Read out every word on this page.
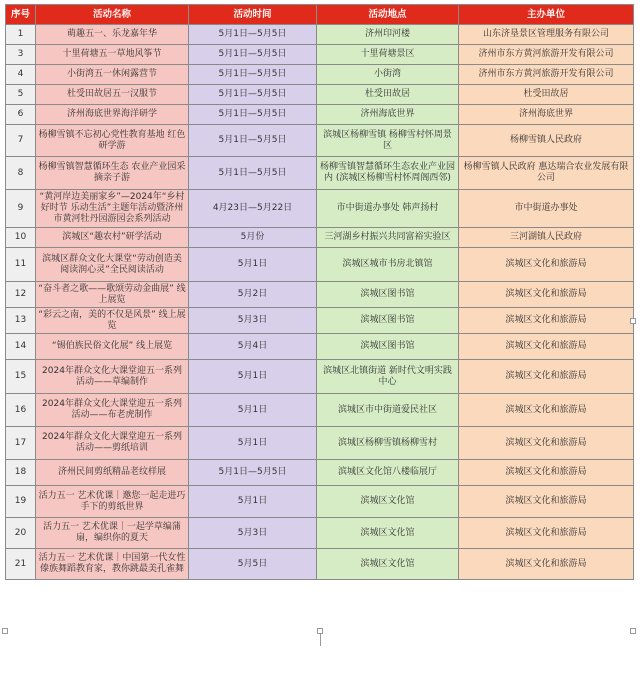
序号	活动名称	活动时间	活动地点	主办单位
1	萌趣五一、乐龙嘉年华	5月1日—5月5日	济州印河楼	山东济垦景区管理服务有限公司
3	十里荷塘五一草地风筝节	5月1日—5月5日	十里荷塘景区	济州市东方黄河旅游开发有限公司
4	小街湾五一休闲露营节	5月1日—5月5日	小街湾	济州市东方黄河旅游开发有限公司
5	杜受田故居五一汉服节	5月1日—5月5日	杜受田故居	杜受田故居
6	济州海底世界海洋研学	5月1日—5月5日	济州海底世界	济州海底世界
7	杨柳雪镇不忘初心党性教育基地 红色研学游	5月1日—5月5日	滨城区杨柳雪镇 杨柳雪村怀周景区	杨柳雪镇人民政府
8	杨柳雪镇智慧循环生态 农业产业园采摘亲子游	5月1日—5月5日	杨柳雪镇智慧循环生态农业产业园内 (滨城区杨柳雪村怀周阁西邻)	杨柳雪镇人民政府 惠达瑞合农业发展有限公司
9	“黄河岸边美丽家乡”—2024年“乡村好时节 乐动生活”主题年活动暨济州市黄河牡丹园游园会系列活动	4月23日—5月22日	市中街道办事处 韩声扬村	市中街道办事处
10	滨城区“趣农村”研学活动	5月份	三河湖乡村振兴共同富裕实验区	三河湖镇人民政府
11	滨城区群众文化大课堂“劳动创造美 阅读润心灵”全民阅读活动	5月1日	滨城区城市书房北镇馆	滨城区文化和旅游局
12	“奋斗者之歌——歌颂劳动金曲展” 线上展览	5月2日	滨城区图书馆	滨城区文化和旅游局
13	“彩云之南，美的不仅是风景” 线上展览	5月3日	滨城区图书馆	滨城区文化和旅游局
14	“锡伯族民俗文化展” 线上展览	5月4日	滨城区图书馆	滨城区文化和旅游局
15	2024年群众文化大课堂迎五一系列活动——草编制作	5月1日	滨城区北镇街道 新时代文明实践中心	滨城区文化和旅游局
16	2024年群众文化大课堂迎五一系列活动——布老虎制作	5月1日	滨城区市中街道爱民社区	滨城区文化和旅游局
17	2024年群众文化大课堂迎五一系列活动——剪纸培训	5月1日	滨城区杨柳雪镇杨柳雪村	滨城区文化和旅游局
18	济州民间剪纸精品老纹样展	5月1日—5月5日	滨城区文化馆八楼临展厅	滨城区文化和旅游局
19	活力五一 艺术优课｜邀您一起走进巧手下的剪纸世界	5月1日	滨城区文化馆	滨城区文化和旅游局
20	活力五一 艺术优课｜一起学草编蒲扇，编织你的夏天	5月3日	滨城区文化馆	滨城区文化和旅游局
21	活力五一 艺术优课｜中国第一代女性傣族舞蹈教育家，教你跳最美孔雀舞	5月5日	滨城区文化馆	滨城区文化和旅游局
